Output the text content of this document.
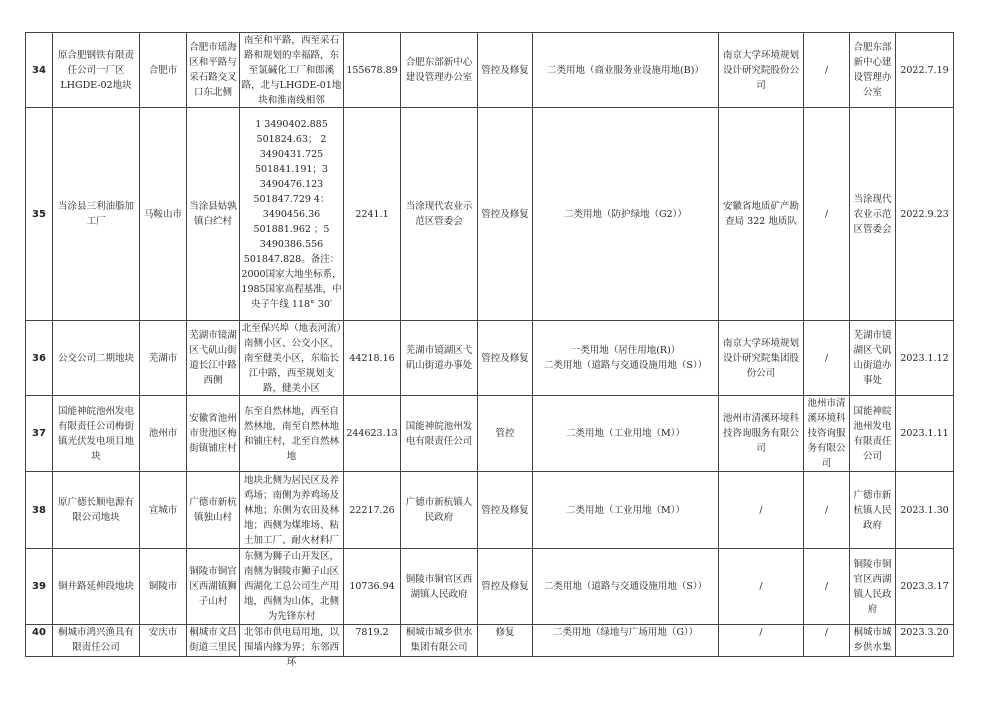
34	原合肥钢铁有限责任公司一厂区LHGDE-02地块	合肥市	合肥市瑶海区和平路与采石路交叉口东北侧	南至和平路，西至采石路和规划的幸福路，东至氯碱化工厂和郎溪路，北与LHGDE-01地块和淮南线相邻	155678.89	合肥东部新中心建设管理办公室	管控及修复	二类用地（商业服务业设施用地(B)）	南京大学环境规划设计研究院股份公司	/	合肥东部新中心建设管理办公室	2022.7.19

35	当涂县三利油脂加工厂	马鞍山市	当涂县姑孰镇白纻村	1 3490402.885 501824.63； 2 3490431.725 501841.191；3 3490476.123 501847.729 4：3490456.36 501881.962 ；5 3490386.556 501847.828。备注：2000国家大地坐标系，1985国家高程基准，中央子午线 118° 30′	2241.1	当涂现代农业示范区管委会	管控及修复	二类用地（防护绿地（G2））	安徽省地质矿产勘查局 322 地质队	/	当涂现代农业示范区管委会	2022.9.23

36	公交公司二期地块	芜湖市	芜湖市镜湖区弋矶山街道长江中路西侧	北至保兴埠（地表河流）南侧小区、公交小区，南至健美小区，东临长江中路，西至规划支路，健美小区	44218.16	芜湖市镜湖区弋矶山街道办事处	管控及修复	一类用地（居住用地(R)）
二类用地（道路与交通设施用地（S））	南京大学环境规划设计研究院集团股份公司	/	芜湖市镜湖区弋矶山街道办事处	2023.1.12

37	国能神皖池州发电有限责任公司梅街镇光伏发电项目地块	池州市	安徽省池州市贵池区梅街镇铺庄村	东至自然林地，西至自然林地，南至自然林地和铺庄村，北至自然林地	244623.13	国能神皖池州发电有限责任公司	管控	二类用地（工业用地（M））	池州市清溪环境科技咨询服务有限公司	池州市清溪环境科技咨询服务有限公司	国能神皖池州发电有限责任公司	2023.1.11

38	原广德长顺电源有限公司地块	宣城市	广德市新杭镇独山村	地块北侧为居民区及养鸡场；南侧为养鸡场及林地；东侧为农田及林地；西侧为煤堆场、粘土加工厂、耐火材料厂	22217.26	广德市新杭镇人民政府	管控及修复	二类用地（工业用地（M））	/	/	广德市新杭镇人民政府	2023.1.30

39	铜井路延伸段地块	铜陵市	铜陵市铜官区西湖镇狮子山村	东侧为狮子山开发区，南侧为铜陵市狮子山区西湖化工总公司生产用地，西侧为山体，北侧为先锋东村	10736.94	铜陵市铜官区西湖镇人民政府	管控及修复	二类用地（道路与交通设施用地（S））	/	/	铜陵市铜官区西湖镇人民政府	2023.3.17

40	桐城市鸿兴渔具有限责任公司	安庆市	桐城市文昌街道三里民	北邻市供电局用地，以围墙内緣为界；东邻西环	7819.2	桐城市城乡供水集团有限公司	修复	二类用地（绿地与广场用地（G））	/	/	桐城市城乡供水集	2023.3.20
